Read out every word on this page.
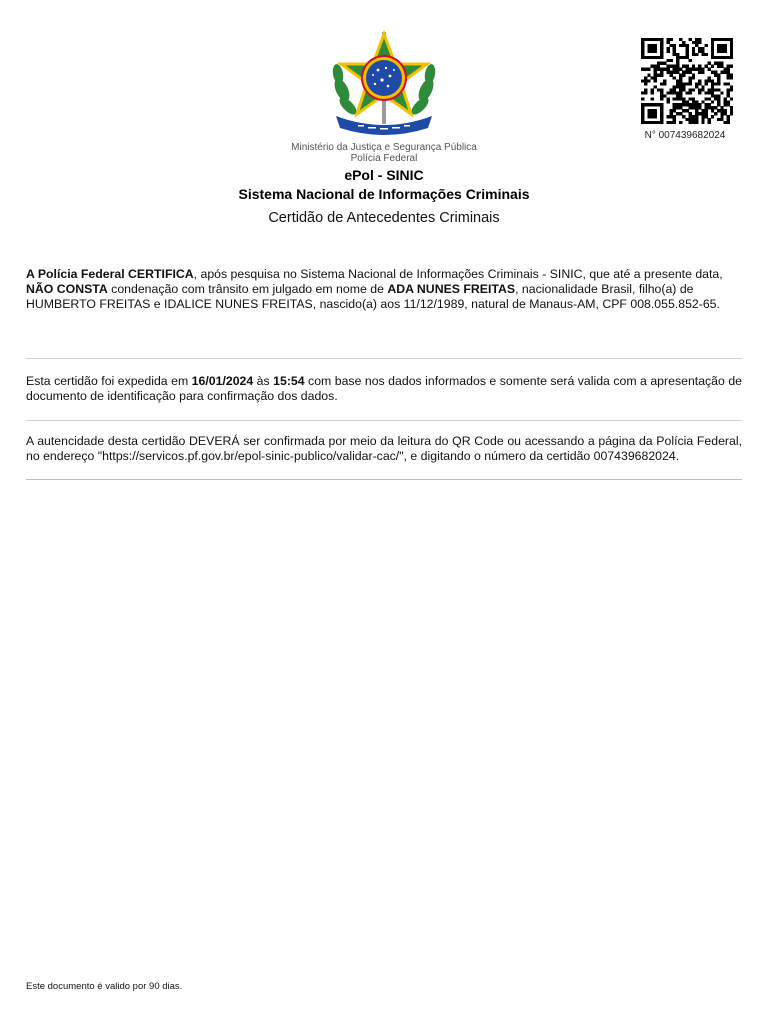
N° 007439682024
Ministério da Justiça e Segurança Pública
Polícia Federal
ePol - SINIC
Sistema Nacional de Informações Criminais
Certidão de Antecedentes Criminais
A Polícia Federal CERTIFICA, após pesquisa no Sistema Nacional de Informações Criminais - SINIC, que até a presente data, NÃO CONSTA condenação com trânsito em julgado em nome de ADA NUNES FREITAS, nacionalidade Brasil, filho(a) de HUMBERTO FREITAS e IDALICE NUNES FREITAS, nascido(a) aos 11/12/1989, natural de Manaus-AM, CPF 008.055.852-65.
Esta certidão foi expedida em 16/01/2024 às 15:54 com base nos dados informados e somente será valida com a apresentação de documento de identificação para confirmação dos dados.
A autencidade desta certidão DEVERÁ ser confirmada por meio da leitura do QR Code ou acessando a página da Polícia Federal, no endereço "https://servicos.pf.gov.br/epol-sinic-publico/validar-cac/", e digitando o número da certidão 007439682024.
Este documento é valido por 90 dias.
